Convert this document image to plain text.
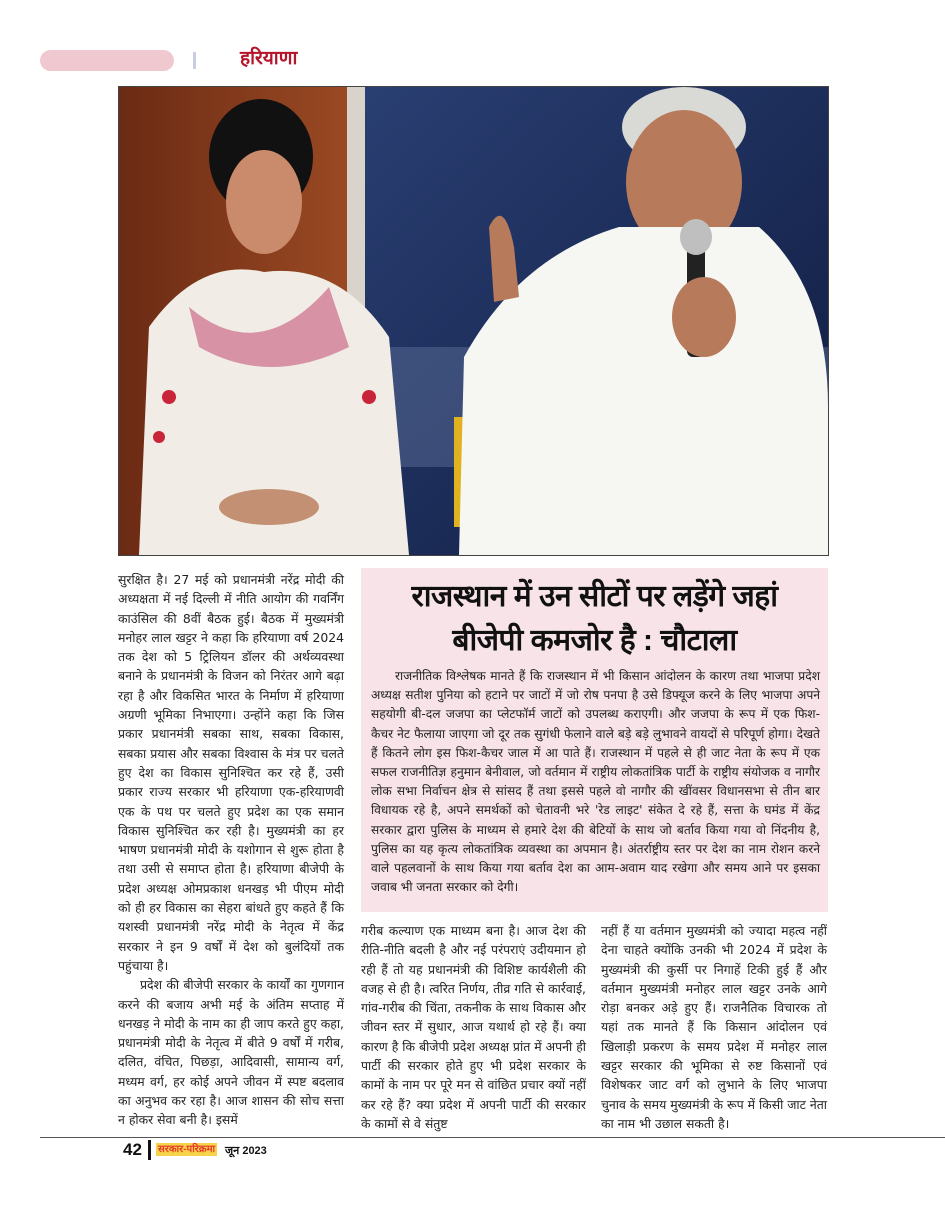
हरियाणा

सुरक्षित है। 27 मई को प्रधानमंत्री नरेंद्र मोदी की अध्यक्षता में नई दिल्ली में नीति आयोग की गवर्निंग काउंसिल की 8वीं बैठक हुई। बैठक में मुख्यमंत्री मनोहर लाल खट्टर ने कहा कि हरियाणा वर्ष 2024 तक देश को 5 ट्रिलियन डॉलर की अर्थव्यवस्था बनाने के प्रधानमंत्री के विजन को निरंतर आगे बढ़ा रहा है और विकसित भारत के निर्माण में हरियाणा अग्रणी भूमिका निभाएगा। उन्होंने कहा कि जिस प्रकार प्रधानमंत्री सबका साथ, सबका विकास, सबका प्रयास और सबका विश्वास के मंत्र पर चलते हुए देश का विकास सुनिश्चित कर रहे हैं, उसी प्रकार राज्य सरकार भी हरियाणा एक-हरियाणवी एक के पथ पर चलते हुए प्रदेश का एक समान विकास सुनिश्चित कर रही है। मुख्यमंत्री का हर भाषण प्रधानमंत्री मोदी के यशोगान से शुरू होता है तथा उसी से समाप्त होता है। हरियाणा बीजेपी के प्रदेश अध्यक्ष ओमप्रकाश धनखड़ भी पीएम मोदी को ही हर विकास का सेहरा बांधते हुए कहते हैं कि यशस्वी प्रधानमंत्री नरेंद्र मोदी के नेतृत्व में केंद्र सरकार ने इन 9 वर्षों में देश को बुलंदियों तक पहुंचाया है।

प्रदेश की बीजेपी सरकार के कार्यों का गुणगान करने की बजाय अभी मई के अंतिम सप्ताह में धनखड़ ने मोदी के नाम का ही जाप करते हुए कहा, प्रधानमंत्री मोदी के नेतृत्व में बीते 9 वर्षों में गरीब, दलित, वंचित, पिछड़ा, आदिवासी, सामान्य वर्ग, मध्यम वर्ग, हर कोई अपने जीवन में स्पष्ट बदलाव का अनुभव कर रहा है। आज शासन की सोच सत्ता न होकर सेवा बनी है। इसमें

राजस्थान में उन सीटों पर लड़ेंगे जहां
बीजेपी कमजोर है : चौटाला

राजनीतिक विश्लेषक मानते हैं कि राजस्थान में भी किसान आंदोलन के कारण तथा भाजपा प्रदेश अध्यक्ष सतीश पुनिया को हटाने पर जाटों में जो रोष पनपा है उसे डिफ्यूज करने के लिए भाजपा अपने सहयोगी बी-दल जजपा का प्लेटफॉर्म जाटों को उपलब्ध कराएगी। और जजपा के रूप में एक फिश-कैचर नेट फैलाया जाएगा जो दूर तक सुगंधी फेलाने वाले बड़े बड़े लुभावने वायदों से परिपूर्ण होगा। देखते हैं कितने लोग इस फिश-कैचर जाल में आ पाते हैं। राजस्थान में पहले से ही जाट नेता के रूप में एक सफल राजनीतिज्ञ हनुमान बेनीवाल, जो वर्तमान में राष्ट्रीय लोकतांत्रिक पार्टी के राष्ट्रीय संयोजक व नागौर लोक सभा निर्वाचन क्षेत्र से सांसद हैं तथा इससे पहले वो नागौर की खींवसर विधानसभा से तीन बार विधायक रहे है, अपने समर्थकों को चेतावनी भरे 'रेड लाइट' संकेत दे रहे हैं, सत्ता के घमंड में केंद्र सरकार द्वारा पुलिस के माध्यम से हमारे देश की बेटियों के साथ जो बर्ताव किया गया वो निंदनीय है, पुलिस का यह कृत्य लोकतांत्रिक व्यवस्था का अपमान है। अंतर्राष्ट्रीय स्तर पर देश का नाम रोशन करने वाले पहलवानों के साथ किया गया बर्ताव देश का आम-अवाम याद रखेगा और समय आने पर इसका जवाब भी जनता सरकार को देगी।

गरीब कल्याण एक माध्यम बना है। आज देश की रीति-नीति बदली है और नई परंपराएं उदीयमान हो रही हैं तो यह प्रधानमंत्री की विशिष्ट कार्यशैली की वजह से ही है। त्वरित निर्णय, तीव्र गति से कार्रवाई, गांव-गरीब की चिंता, तकनीक के साथ विकास और जीवन स्तर में सुधार, आज यथार्थ हो रहे हैं। क्या कारण है कि बीजेपी प्रदेश अध्यक्ष प्रांत में अपनी ही पार्टी की सरकार होते हुए भी प्रदेश सरकार के कामों के नाम पर पूरे मन से वांछित प्रचार क्यों नहीं कर रहे हैं? क्या प्रदेश में अपनी पार्टी की सरकार के कामों से वे संतुष्ट

नहीं हैं या वर्तमान मुख्यमंत्री को ज्यादा महत्व नहीं देना चाहते क्योंकि उनकी भी 2024 में प्रदेश के मुख्यमंत्री की कुर्सी पर निगाहें टिकी हुई हैं और वर्तमान मुख्यमंत्री मनोहर लाल खट्टर उनके आगे रोड़ा बनकर अड़े हुए हैं। राजनैतिक विचारक तो यहां तक मानते हैं कि किसान आंदोलन एवं खिलाड़ी प्रकरण के समय प्रदेश में मनोहर लाल खट्टर सरकार की भूमिका से रुष्ट किसानों एवं विशेषकर जाट वर्ग को लुभाने के लिए भाजपा चुनाव के समय मुख्यमंत्री के रूप में किसी जाट नेता का नाम भी उछाल सकती है।

42 सरकार-परिक्रमा जून 2023
